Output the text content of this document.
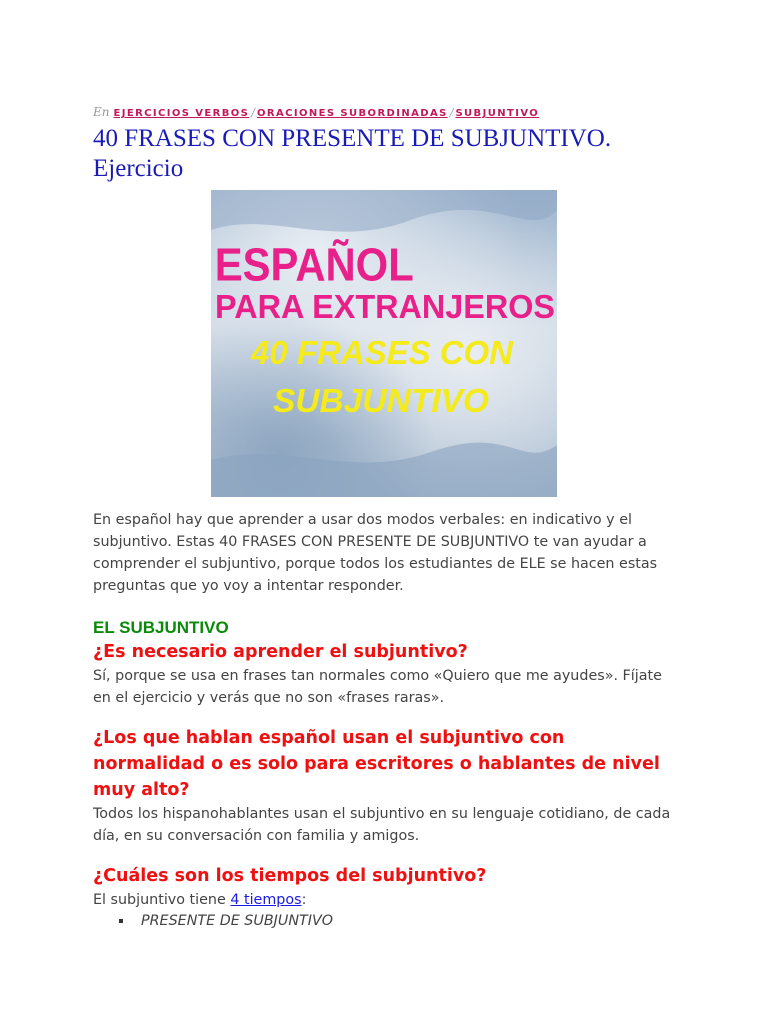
En EJERCICIOS VERBOS / ORACIONES SUBORDINADAS / SUBJUNTIVO
40 FRASES CON PRESENTE DE SUBJUNTIVO. Ejercicio
ESPAÑOL
PARA EXTRANJEROS
40 FRASES CON
SUBJUNTIVO

En español hay que aprender a usar dos modos verbales: en indicativo y el subjuntivo. Estas 40 FRASES CON PRESENTE DE SUBJUNTIVO te van ayudar a comprender el subjuntivo, porque todos los estudiantes de ELE se hacen estas preguntas que yo voy a intentar responder.

EL SUBJUNTIVO
¿Es necesario aprender el subjuntivo?

Sí, porque se usa en frases tan normales como «Quiero que me ayudes». Fíjate en el ejercicio y verás que no son «frases raras».

¿Los que hablan español usan el subjuntivo con normalidad o es solo para escritores o hablantes de nivel muy alto?

Todos los hispanohablantes usan el subjuntivo en su lenguaje cotidiano, de cada día, en su conversación con familia y amigos.

¿Cuáles son los tiempos del subjuntivo?

El subjuntivo tiene 4 tiempos:

PRESENTE DE SUBJUNTIVO
